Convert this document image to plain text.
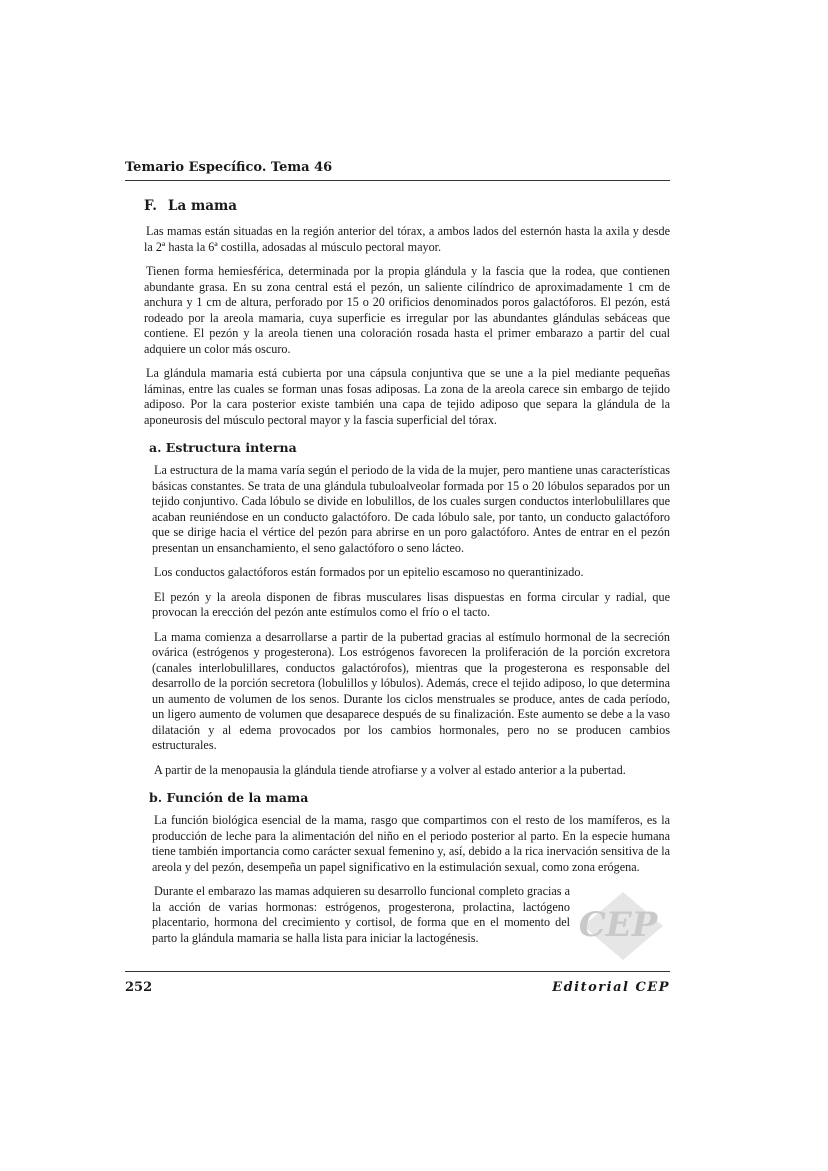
Temario Específico. Tema 46
F. La mama

Las mamas están situadas en la región anterior del tórax, a ambos lados del esternón hasta la axila y desde la 2ª hasta la 6ª costilla, adosadas al músculo pectoral mayor.

Tienen forma hemiesférica, determinada por la propia glándula y la fascia que la rodea, que contienen abundante grasa. En su zona central está el pezón, un saliente cilíndrico de aproximadamente 1 cm de anchura y 1 cm de altura, perforado por 15 o 20 orificios denominados poros galactóforos. El pezón, está rodeado por la areola mamaria, cuya superficie es irregular por las abundantes glándulas sebáceas que contiene. El pezón y la areola tienen una coloración rosada hasta el primer embarazo a partir del cual adquiere un color más oscuro.

La glándula mamaria está cubierta por una cápsula conjuntiva que se une a la piel mediante pequeñas láminas, entre las cuales se forman unas fosas adiposas. La zona de la areola carece sin embargo de tejido adiposo. Por la cara posterior existe también una capa de tejido adiposo que separa la glándula de la aponeurosis del músculo pectoral mayor y la fascia superficial del tórax.

a. Estructura interna

La estructura de la mama varía según el periodo de la vida de la mujer, pero mantiene unas características básicas constantes. Se trata de una glándula tubuloalveolar formada por 15 o 20 lóbulos separados por un tejido conjuntivo. Cada lóbulo se divide en lobulillos, de los cuales surgen conductos interlobulillares que acaban reuniéndose en un conducto galactóforo. De cada lóbulo sale, por tanto, un conducto galactóforo que se dirige hacia el vértice del pezón para abrirse en un poro galactóforo. Antes de entrar en el pezón presentan un ensanchamiento, el seno galactóforo o seno lácteo.

Los conductos galactóforos están formados por un epitelio escamoso no querantinizado.

El pezón y la areola disponen de fibras musculares lisas dispuestas en forma circular y radial, que provocan la erección del pezón ante estímulos como el frío o el tacto.

La mama comienza a desarrollarse a partir de la pubertad gracias al estímulo hormonal de la secreción ovárica (estrógenos y progesterona). Los estrógenos favorecen la proliferación de la porción excretora (canales interlobulillares, conductos galactórofos), mientras que la progesterona es responsable del desarrollo de la porción secretora (lobulillos y lóbulos). Además, crece el tejido adiposo, lo que determina un aumento de volumen de los senos. Durante los ciclos menstruales se produce, antes de cada período, un ligero aumento de volumen que desaparece después de su finalización. Este aumento se debe a la vaso dilatación y al edema provocados por los cambios hormonales, pero no se producen cambios estructurales.

A partir de la menopausia la glándula tiende atrofiarse y a volver al estado anterior a la pubertad.

b. Función de la mama

La función biológica esencial de la mama, rasgo que compartimos con el resto de los mamíferos, es la producción de leche para la alimentación del niño en el periodo posterior al parto. En la especie humana tiene también importancia como carácter sexual femenino y, así, debido a la rica inervación sensitiva de la areola y del pezón, desempeña un papel significativo en la estimulación sexual, como zona erógena.

Durante el embarazo las mamas adquieren su desarrollo funcional completo gracias a la acción de varias hormonas: estrógenos, progesterona, prolactina, lactógeno placentario, hormona del crecimiento y cortisol, de forma que en el momento del parto la glándula mamaria se halla lista para iniciar la lactogénesis.	CEP
252	Editorial CEP
